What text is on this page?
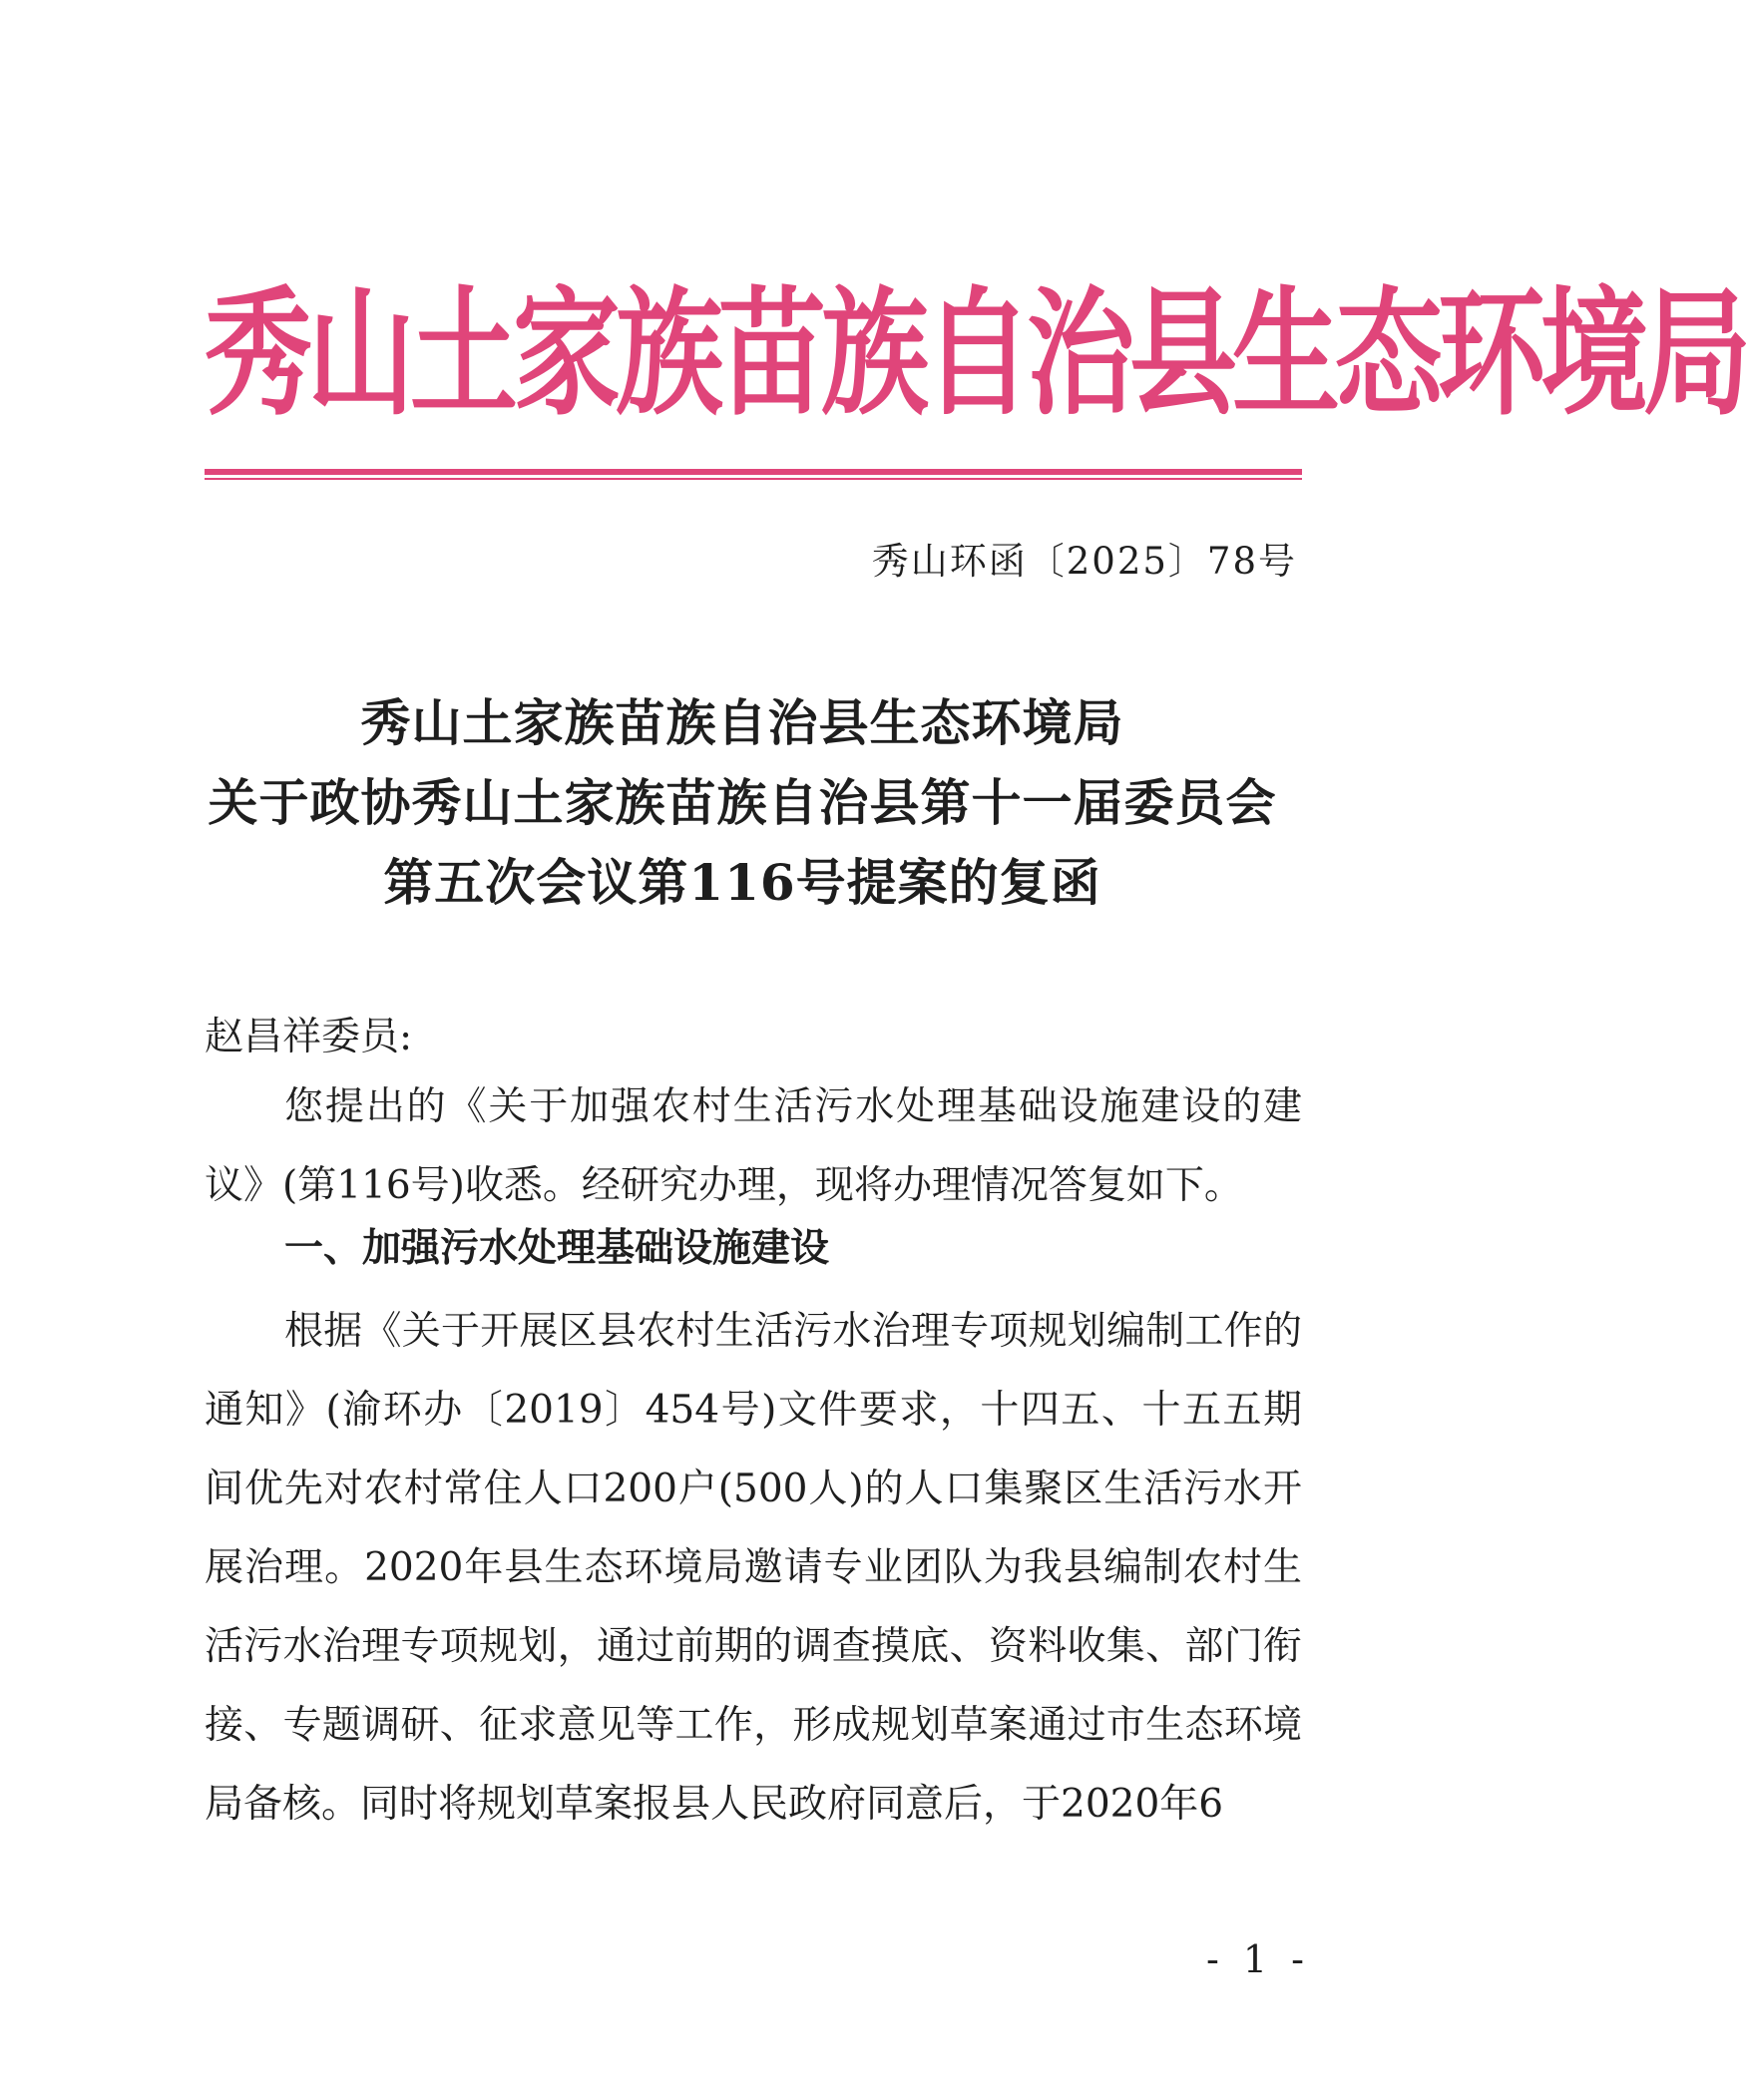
秀山土家族苗族自治县生态环境局
秀山环函〔2025〕78号
秀山土家族苗族自治县生态环境局
关于政协秀山土家族苗族自治县第十一届委员会
第五次会议第116号提案的复函
赵昌祥委员:
您提出的《关于加强农村生活污水处理基础设施建设的建议》(第116号)收悉。经研究办理，现将办理情况答复如下。
一、加强污水处理基础设施建设
根据《关于开展区县农村生活污水治理专项规划编制工作的通知》(渝环办〔2019〕454号)文件要求，十四五、十五五期间优先对农村常住人口200户(500人)的人口集聚区生活污水开展治理。2020年县生态环境局邀请专业团队为我县编制农村生活污水治理专项规划，通过前期的调查摸底、资料收集、部门衔接、专题调研、征求意见等工作，形成规划草案通过市生态环境局备核。同时将规划草案报县人民政府同意后，于2020年6
- 1 -
